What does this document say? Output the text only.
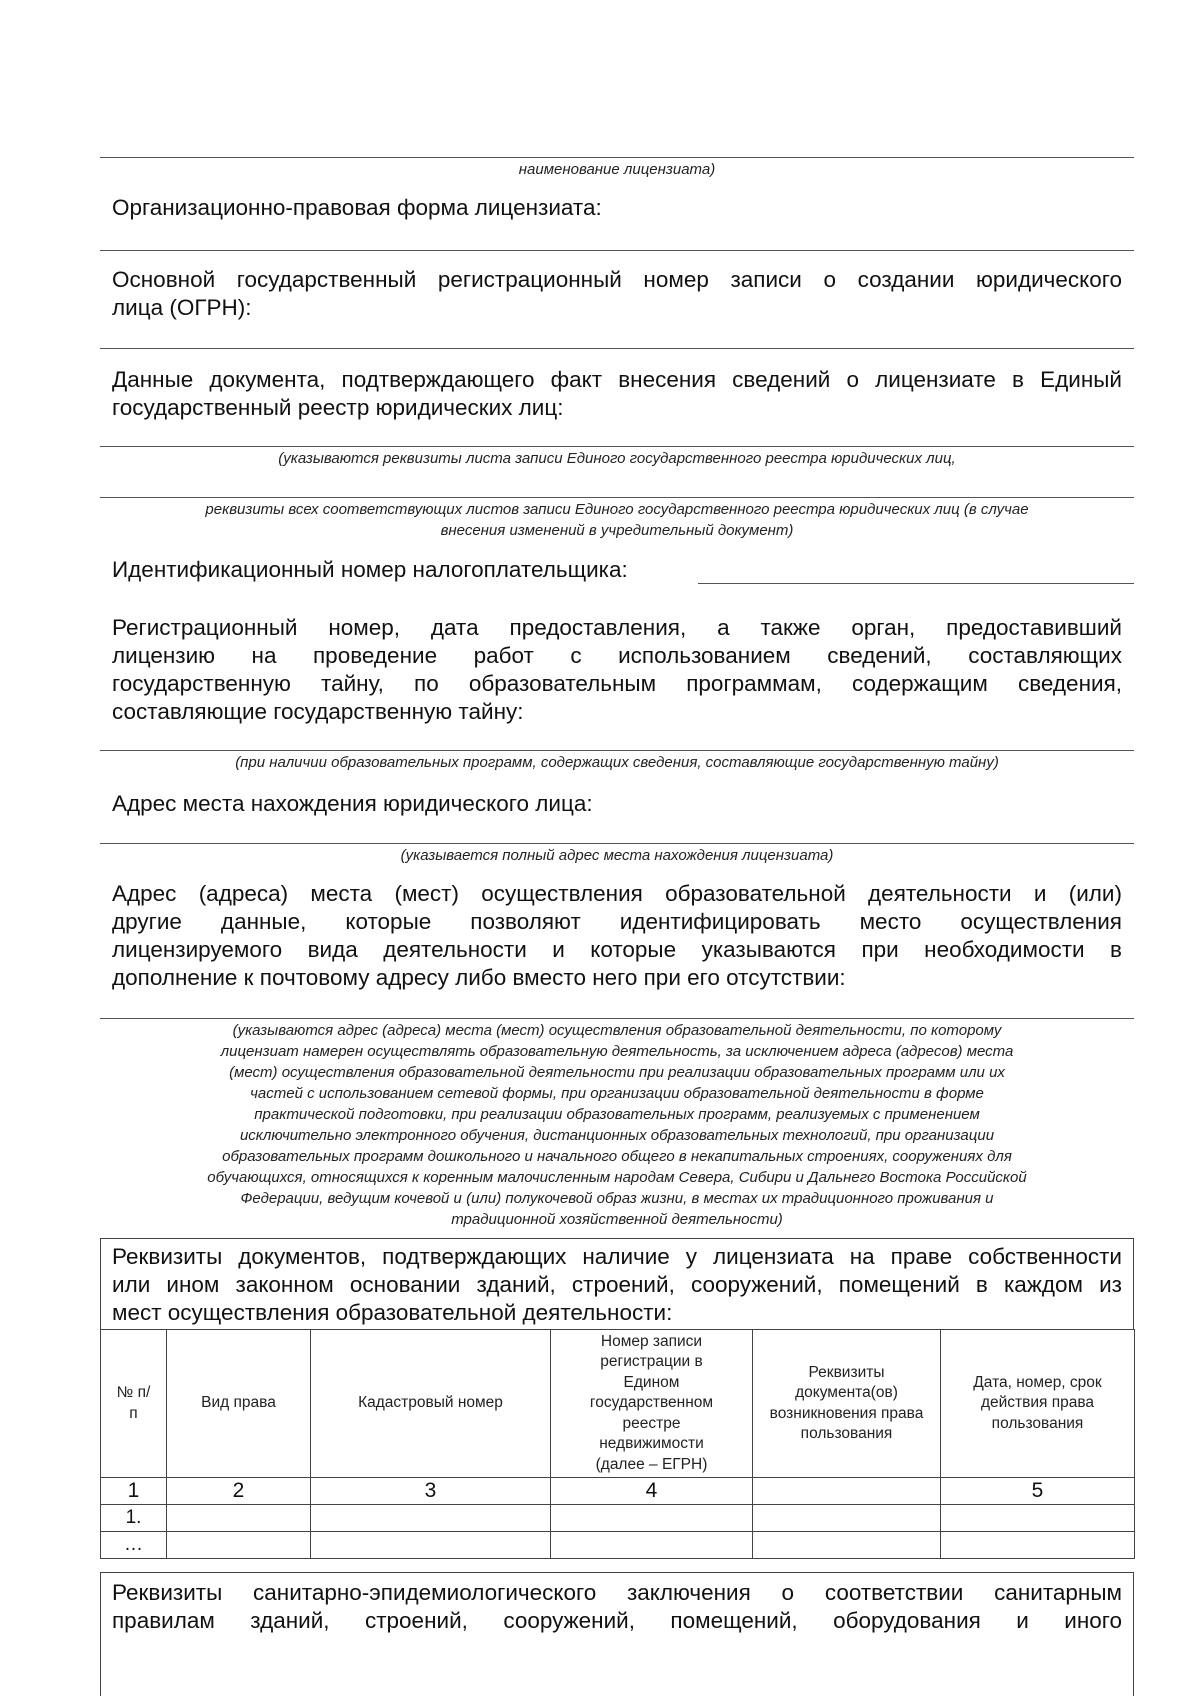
наименование лицензиата)
Организационно-правовая форма лицензиата:
Основной государственный регистрационный номер записи о создании юридического
лица (ОГРН):
Данные документа, подтверждающего факт внесения сведений о лицензиате в Единый
государственный реестр юридических лиц:
(указываются реквизиты листа записи Единого государственного реестра юридических лиц,
реквизиты всех соответствующих листов записи Единого государственного реестра юридических лиц (в случае
внесения изменений в учредительный документ)
Идентификационный номер налогоплательщика:
Регистрационный номер, дата предоставления, а также орган, предоставивший
лицензию на проведение работ с использованием сведений, составляющих
государственную тайну, по образовательным программам, содержащим сведения,
составляющие государственную тайну:
(при наличии образовательных программ, содержащих сведения, составляющие государственную тайну)
Адрес места нахождения юридического лица:
(указывается полный адрес места нахождения лицензиата)
Адрес (адреса) места (мест) осуществления образовательной деятельности и (или)
другие данные, которые позволяют идентифицировать место осуществления
лицензируемого вида деятельности и которые указываются при необходимости в
дополнение к почтовому адресу либо вместо него при его отсутствии:
(указываются адрес (адреса) места (мест) осуществления образовательной деятельности, по которому
лицензиат намерен осуществлять образовательную деятельность, за исключением адреса (адресов) места
(мест) осуществления образовательной деятельности при реализации образовательных программ или их
частей с использованием сетевой формы, при организации образовательной деятельности в форме
практической подготовки, при реализации образовательных программ, реализуемых с применением
исключительно электронного обучения, дистанционных образовательных технологий, при организации
образовательных программ дошкольного и начального общего в некапитальных строениях, сооружениях для
обучающихся, относящихся к коренным малочисленным народам Севера, Сибири и Дальнего Востока Российской
Федерации, ведущим кочевой и (или) полукочевой образ жизни, в местах их традиционного проживания и
традиционной хозяйственной деятельности)
Реквизиты документов, подтверждающих наличие у лицензиата на праве собственности
или ином законном основании зданий, строений, сооружений, помещений в каждом из
мест осуществления образовательной деятельности:
№ п/п	Вид права	Кадастровый номер	Номер записи регистрации в Едином государственном реестре недвижимости (далее – ЕГРН)	Реквизиты документа(ов) возникновения права пользования	Дата, номер, срок действия права пользования
1	2	3	4		5
1.					
…					
Реквизиты санитарно-эпидемиологического заключения о соответствии санитарным
правилам зданий, строений, сооружений, помещений, оборудования и иного
